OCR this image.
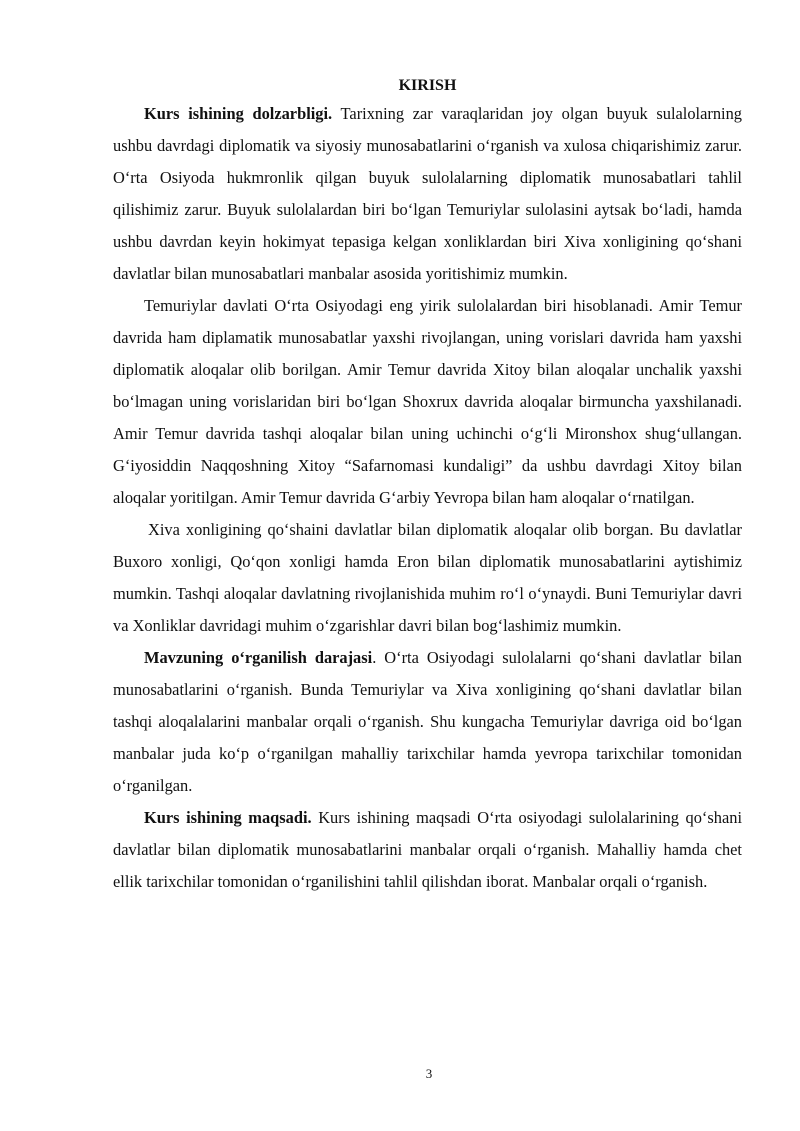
KIRISH

Kurs ishining dolzarbligi. Tarixning zar varaqlaridan joy olgan buyuk sulalolarning ushbu davrdagi diplomatik va siyosiy munosabatlarini oʻrganish va xulosa chiqarishimiz zarur. Oʻrta Osiyoda hukmronlik qilgan buyuk sulolalarning diplomatik munosabatlari tahlil qilishimiz zarur. Buyuk sulolalardan biri boʻlgan Temuriylar sulolasini aytsak boʻladi, hamda ushbu davrdan keyin hokimyat tepasiga kelgan xonliklardan biri Xiva xonligining qoʻshani davlatlar bilan munosabatlari manbalar asosida yoritishimiz mumkin.

Temuriylar davlati Oʻrta Osiyodagi eng yirik sulolalardan biri hisoblanadi. Amir Temur davrida ham diplamatik munosabatlar yaxshi rivojlangan, uning vorislari davrida ham yaxshi diplomatik aloqalar olib borilgan. Amir Temur davrida Xitoy bilan aloqalar unchalik yaxshi boʻlmagan uning vorislaridan biri boʻlgan Shoxrux davrida aloqalar birmuncha yaxshilanadi. Amir Temur davrida tashqi aloqalar bilan uning uchinchi oʻgʻli Mironshox shugʻullangan. Gʻiyosiddin Naqqoshning Xitoy “Safarnomasi kundaligi” da ushbu davrdagi Xitoy bilan aloqalar yoritilgan. Amir Temur davrida Gʻarbiy Yevropa bilan ham aloqalar oʻrnatilgan.

Xiva xonligining qoʻshaini davlatlar bilan diplomatik aloqalar olib borgan. Bu davlatlar Buxoro xonligi, Qoʻqon xonligi hamda Eron bilan diplomatik munosabatlarini aytishimiz mumkin. Tashqi aloqalar davlatning rivojlanishida muhim roʻl oʻynaydi. Buni Temuriylar davri va Xonliklar davridagi muhim oʻzgarishlar davri bilan bogʻlashimiz mumkin.

Mavzuning oʻrganilish darajasi. Oʻrta Osiyodagi sulolalarni qoʻshani davlatlar bilan munosabatlarini oʻrganish. Bunda Temuriylar va Xiva xonligining qoʻshani davlatlar bilan tashqi aloqalalarini manbalar orqali oʻrganish. Shu kungacha Temuriylar davriga oid boʻlgan manbalar juda koʻp oʻrganilgan mahalliy tarixchilar hamda yevropa tarixchilar tomonidan oʻrganilgan.

Kurs ishining maqsadi. Kurs ishining maqsadi Oʻrta osiyodagi sulolalarining qoʻshani davlatlar bilan diplomatik munosabatlarini manbalar orqali oʻrganish. Mahalliy hamda chet ellik tarixchilar tomonidan oʻrganilishini tahlil qilishdan iborat. Manbalar orqali oʻrganish.

3
